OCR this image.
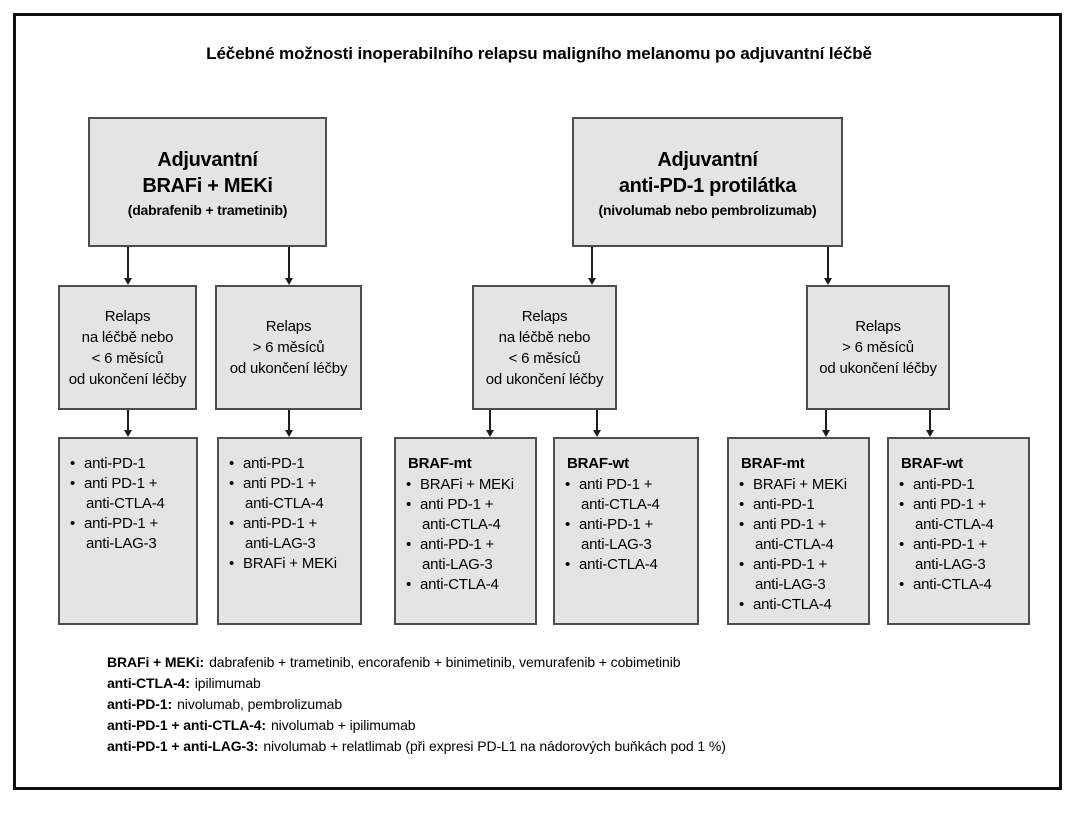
Léčebné možnosti inoperabilního relapsu maligního melanomu po adjuvantní léčbě
Adjuvantní
BRAFi + MEKi
(dabrafenib + trametinib)
Adjuvantní
anti-PD-1 protilátka
(nivolumab nebo pembrolizumab)
Relaps
na léčbě nebo
< 6 měsíců
od ukončení léčby
Relaps
> 6 měsíců
od ukončení léčby
Relaps
na léčbě nebo
< 6 měsíců
od ukončení léčby
Relaps
> 6 měsíců
od ukončení léčby
• anti-PD-1
• anti PD-1 +
anti-CTLA-4
• anti-PD-1 +
anti-LAG-3
• anti-PD-1
• anti PD-1 +
anti-CTLA-4
• anti-PD-1 +
anti-LAG-3
• BRAFi + MEKi
BRAF-mt
• BRAFi + MEKi
• anti PD-1 +
anti-CTLA-4
• anti-PD-1 +
anti-LAG-3
• anti-CTLA-4
BRAF-wt
• anti PD-1 +
anti-CTLA-4
• anti-PD-1 +
anti-LAG-3
• anti-CTLA-4
BRAF-mt
• BRAFi + MEKi
• anti-PD-1
• anti PD-1 +
anti-CTLA-4
• anti-PD-1 +
anti-LAG-3
• anti-CTLA-4
BRAF-wt
• anti-PD-1
• anti PD-1 +
anti-CTLA-4
• anti-PD-1 +
anti-LAG-3
• anti-CTLA-4
BRAFi + MEKi: dabrafenib + trametinib, encorafenib + binimetinib, vemurafenib + cobimetinib
anti-CTLA-4: ipilimumab
anti-PD-1: nivolumab, pembrolizumab
anti-PD-1 + anti-CTLA-4: nivolumab + ipilimumab
anti-PD-1 + anti-LAG-3: nivolumab + relatlimab (při expresi PD-L1 na nádorových buňkách pod 1 %)
